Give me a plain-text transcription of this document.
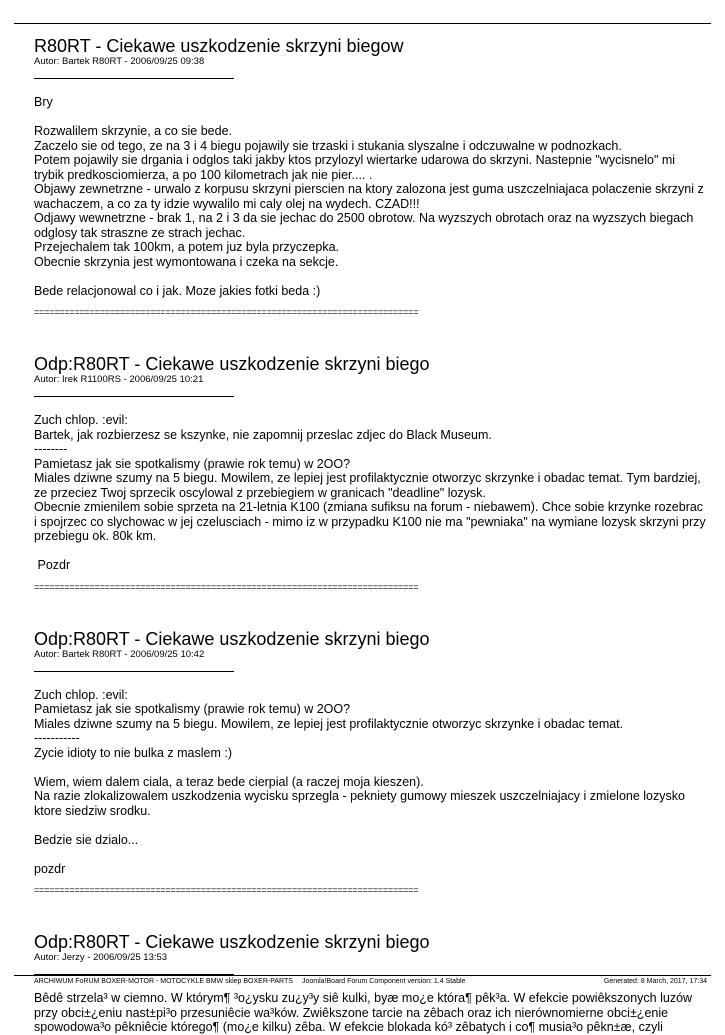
R80RT - Ciekawe uszkodzenie skrzyni biegow
Autor: Bartek R80RT - 2006/09/25 09:38
Bry
Rozwalilem skrzynie, a co sie bede.
Zaczelo sie od tego, ze na 3 i 4 biegu pojawily sie trzaski i stukania slyszalne i odczuwalne w podnozkach.
Potem pojawily sie drgania i odglos taki jakby ktos przylozyl wiertarke udarowa do skrzyni. Nastepnie "wycisnelo" mi trybik predkosciomierza, a po 100 kilometrach jak nie pier.... .
Objawy zewnetrzne - urwalo z korpusu skrzyni pierscien na ktory zalozona jest guma uszczelniajaca polaczenie skrzyni z wachaczem, a co za ty idzie wywalilo mi caly olej na wydech. CZAD!!!
Odjawy wewnetrzne - brak 1, na 2 i 3 da sie jechac do 2500 obrotow. Na wyzszych obrotach oraz na wyzszych biegach odglosy tak straszne ze strach jechac.
Przejechalem tak 100km, a potem juz byla przyczepka.
Obecnie skrzynia jest wymontowana i czeka na sekcje.
Bede relacjonowal co i jak. Moze jakies fotki beda :)
============================================================================
Odp:R80RT - Ciekawe uszkodzenie skrzyni biego
Autor: Irek R1100RS - 2006/09/25 10:21
Zuch chlop. :evil:
Bartek, jak rozbierzesz se kszynke, nie zapomnij przeslac zdjec do Black Museum.
--------
Pamietasz jak sie spotkalismy (prawie rok temu) w 2OO?
Miales dziwne szumy na 5 biegu. Mowilem, ze lepiej jest profilaktycznie otworzyc skrzynke i obadac temat. Tym bardziej, ze przeciez Twoj sprzecik oscylowal z przebiegiem w granicach "deadline" lozysk.
Obecnie zmienilem sobie sprzeta na 21-letnia K100 (zmiana sufiksu na forum - niebawem). Chce sobie krzynke rozebrac i spojrzec co slychowac w jej czelusciach - mimo iz w przypadku K100 nie ma "pewniaka" na wymiane lozysk skrzyni przy przebiegu ok. 80k km.
Pozdr
============================================================================
Odp:R80RT - Ciekawe uszkodzenie skrzyni biego
Autor: Bartek R80RT - 2006/09/25 10:42
Zuch chlop. :evil:
Pamietasz jak sie spotkalismy (prawie rok temu) w 2OO?
Miales dziwne szumy na 5 biegu. Mowilem, ze lepiej jest profilaktycznie otworzyc skrzynke i obadac temat.
-----------
Zycie idioty to nie bulka z maslem :)
Wiem, wiem dalem ciala, a teraz bede cierpial (a raczej moja kieszen).
Na razie zlokalizowalem uszkodzenia wycisku sprzegla - pekniety gumowy mieszek uszczelniajacy i zmielone lozysko ktore siedziw srodku.
Bedzie sie dzialo...
pozdr
============================================================================
Odp:R80RT - Ciekawe uszkodzenie skrzyni biego
Autor: Jerzy - 2006/09/25 13:53
Bêdê strzela³ w ciemno. W którym¶ ³o¿ysku zu¿y³y siê kulki, byæ mo¿e która¶ pêk³a. W efekcie powiêkszonych luzów przy obci±¿eniu nast±pi³o przesuniêcie wa³ków. Zwiêkszone tarcie na zêbach oraz ich nierównomierne obci±¿enie spowodowa³o pêkniêcie którego¶ (mo¿e kilku) zêba. W efekcie blokada kó³ zêbatych i co¶ musia³o pêkn±æ, czyli
ARCHIWUM FoRUM BOXER-MOTOR - MOTOCYKLE BMW sklep BOXER-PARTS Joomla!Board Forum Component version: 1.4 Stable	Generated: 8 March, 2017, 17:34
